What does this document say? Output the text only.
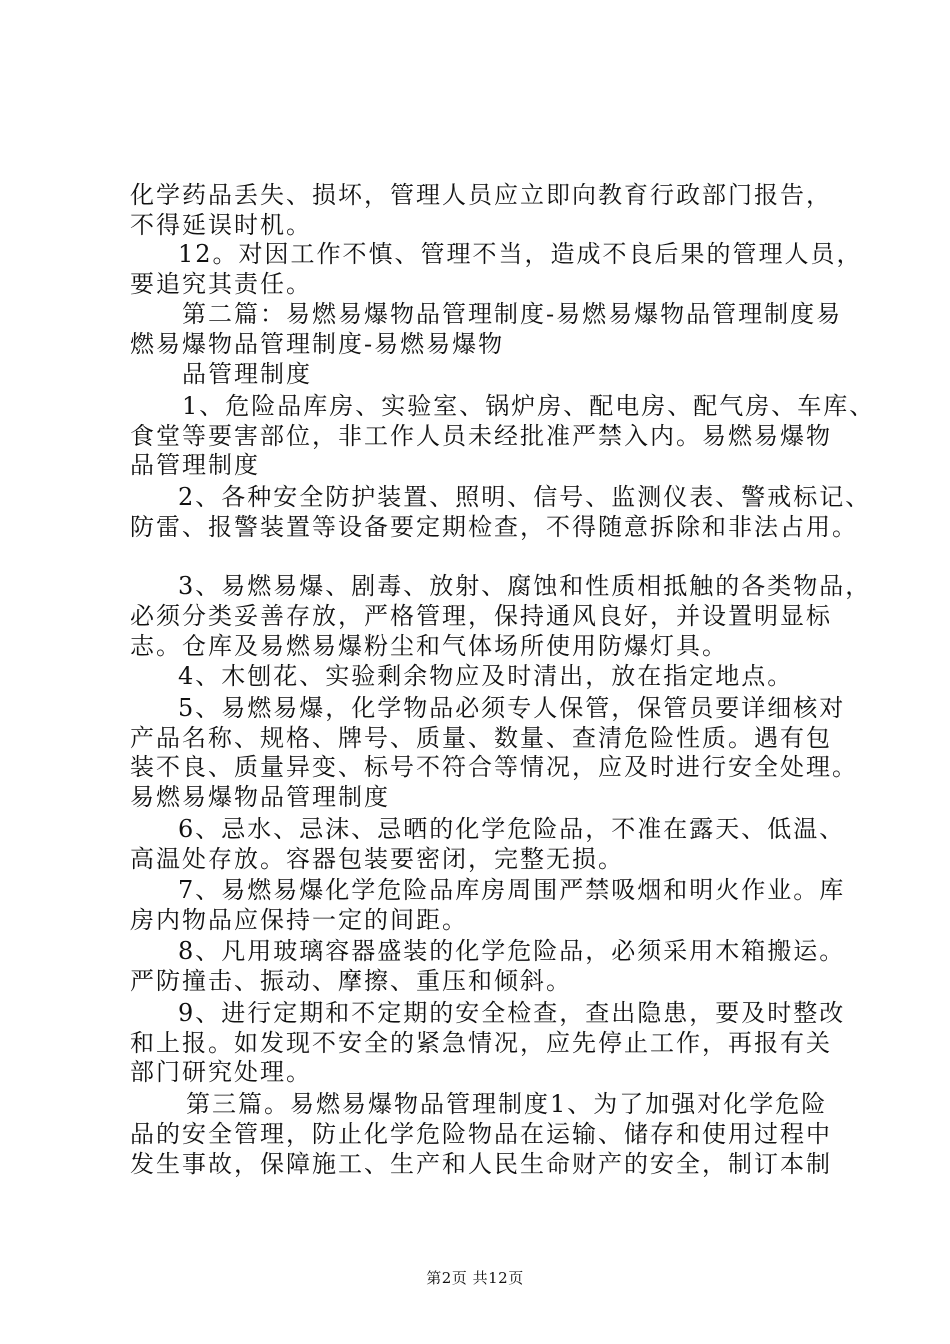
化学药品丢失、损坏，管理人员应立即向教育行政部门报告，
不得延误时机。
12。对因工作不慎、管理不当，造成不良后果的管理人员，
要追究其责任。
第二篇：易燃易爆物品管理制度-易燃易爆物品管理制度易
燃易爆物品管理制度-易燃易爆物
品管理制度
1、危险品库房、实验室、锅炉房、配电房、配气房、车库、
食堂等要害部位，非工作人员未经批准严禁入内。易燃易爆物
品管理制度
2、各种安全防护装置、照明、信号、监测仪表、警戒标记、
防雷、报警装置等设备要定期检查，不得随意拆除和非法占用。
3、易燃易爆、剧毒、放射、腐蚀和性质相抵触的各类物品，
必须分类妥善存放，严格管理，保持通风良好，并设置明显标
志。仓库及易燃易爆粉尘和气体场所使用防爆灯具。
4、木刨花、实验剩余物应及时清出，放在指定地点。
5、易燃易爆，化学物品必须专人保管，保管员要详细核对
产品名称、规格、牌号、质量、数量、查清危险性质。遇有包
装不良、质量异变、标号不符合等情况，应及时进行安全处理。
易燃易爆物品管理制度
6、忌水、忌沫、忌晒的化学危险品，不准在露天、低温、
高温处存放。容器包装要密闭，完整无损。
7、易燃易爆化学危险品库房周围严禁吸烟和明火作业。库
房内物品应保持一定的间距。
8、凡用玻璃容器盛装的化学危险品，必须采用木箱搬运。
严防撞击、振动、摩擦、重压和倾斜。
9、进行定期和不定期的安全检查，查出隐患，要及时整改
和上报。如发现不安全的紧急情况，应先停止工作，再报有关
部门研究处理。
第三篇。易燃易爆物品管理制度1、为了加强对化学危险
品的安全管理，防止化学危险物品在运输、储存和使用过程中
发生事故，保障施工、生产和人民生命财产的安全，制订本制
第2页 共12页
